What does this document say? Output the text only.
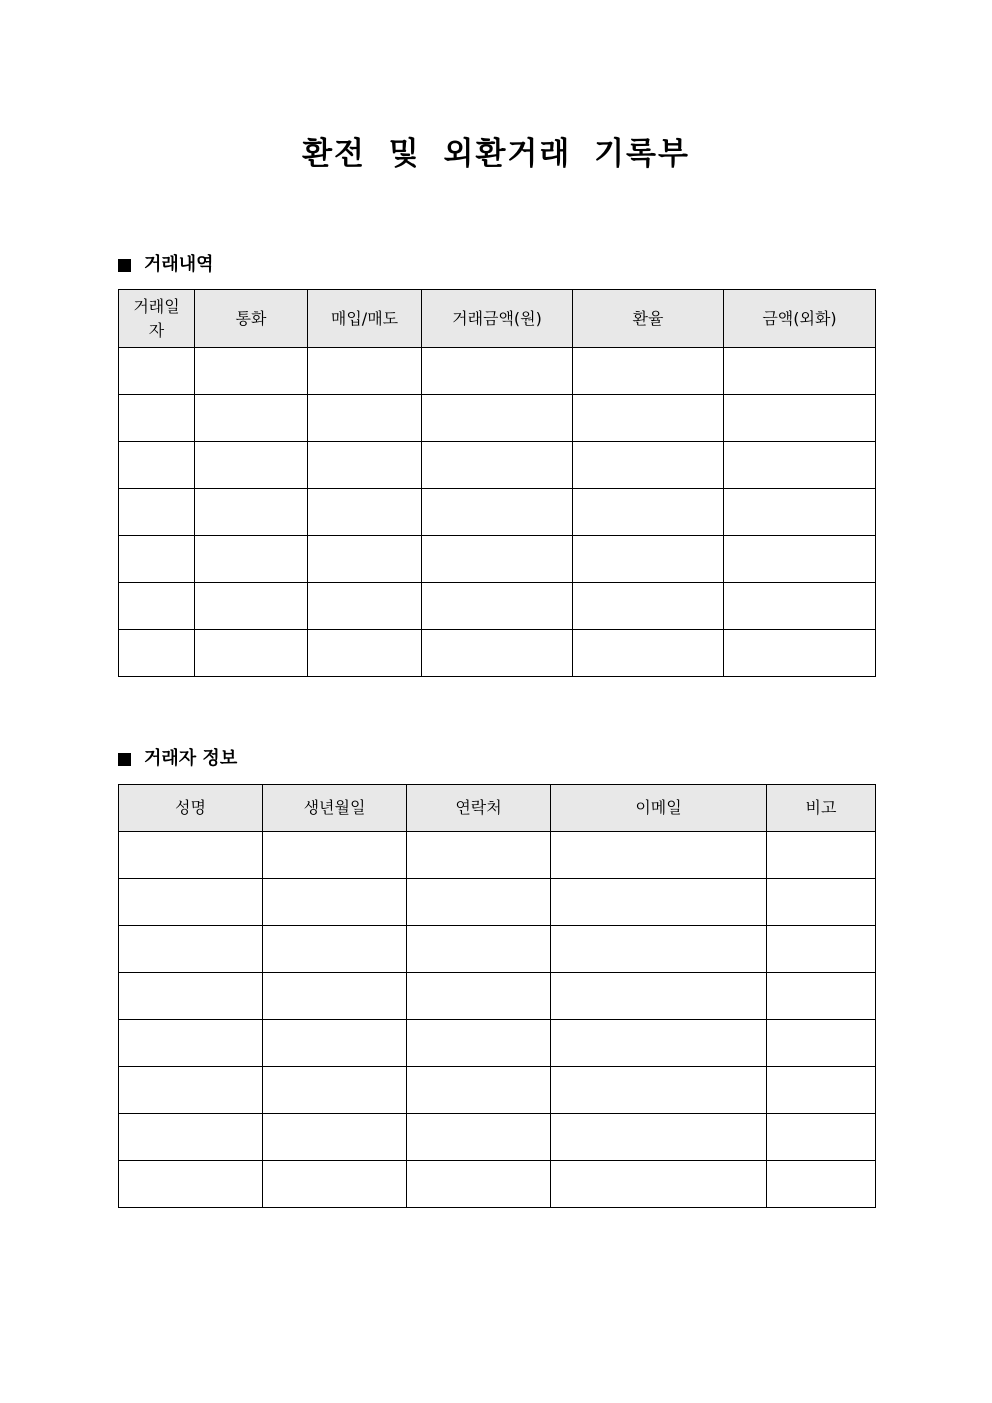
환전 및 외환거래 기록부
거래내역
거래일자	통화	매입/매도	거래금액(원)	환율	금액(외화)

거래자 정보
성명	생년월일	연락처	이메일	비고
